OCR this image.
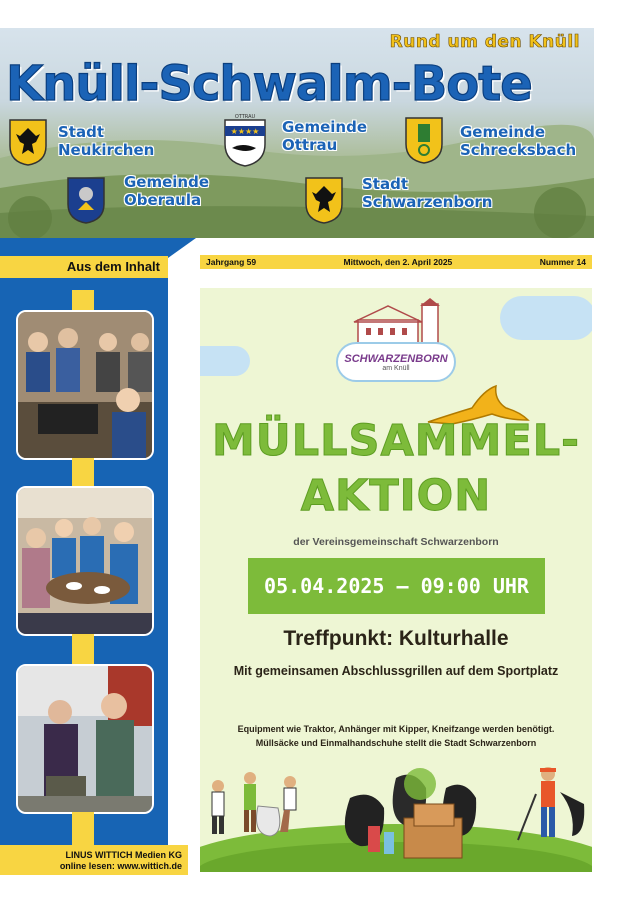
Rund um den Knüll
Knüll-Schwalm-Bote
Stadt
Neukirchen
★★★★
OTTRAU
Gemeinde
Ottrau
Gemeinde
Schrecksbach
Gemeinde
Oberaula
Stadt
Schwarzenborn
Aus dem Inhalt
LINUS WITTICH Medien KG
online lesen: www.wittich.de
Jahrgang 59	Mittwoch, den 2. April 2025	Nummer 14
SCHWARZENBORN
am Knüll
MÜLLSAMMEL-
AKTION
der Vereinsgemeinschaft Schwarzenborn
05.04.2025 – 09:00 UHR
Treffpunkt: Kulturhalle
Mit gemeinsamen Abschlussgrillen auf dem Sportplatz
Equipment wie Traktor, Anhänger mit Kipper, Kneifzange werden benötigt.
Müllsäcke und Einmalhandschuhe stellt die Stadt Schwarzenborn
